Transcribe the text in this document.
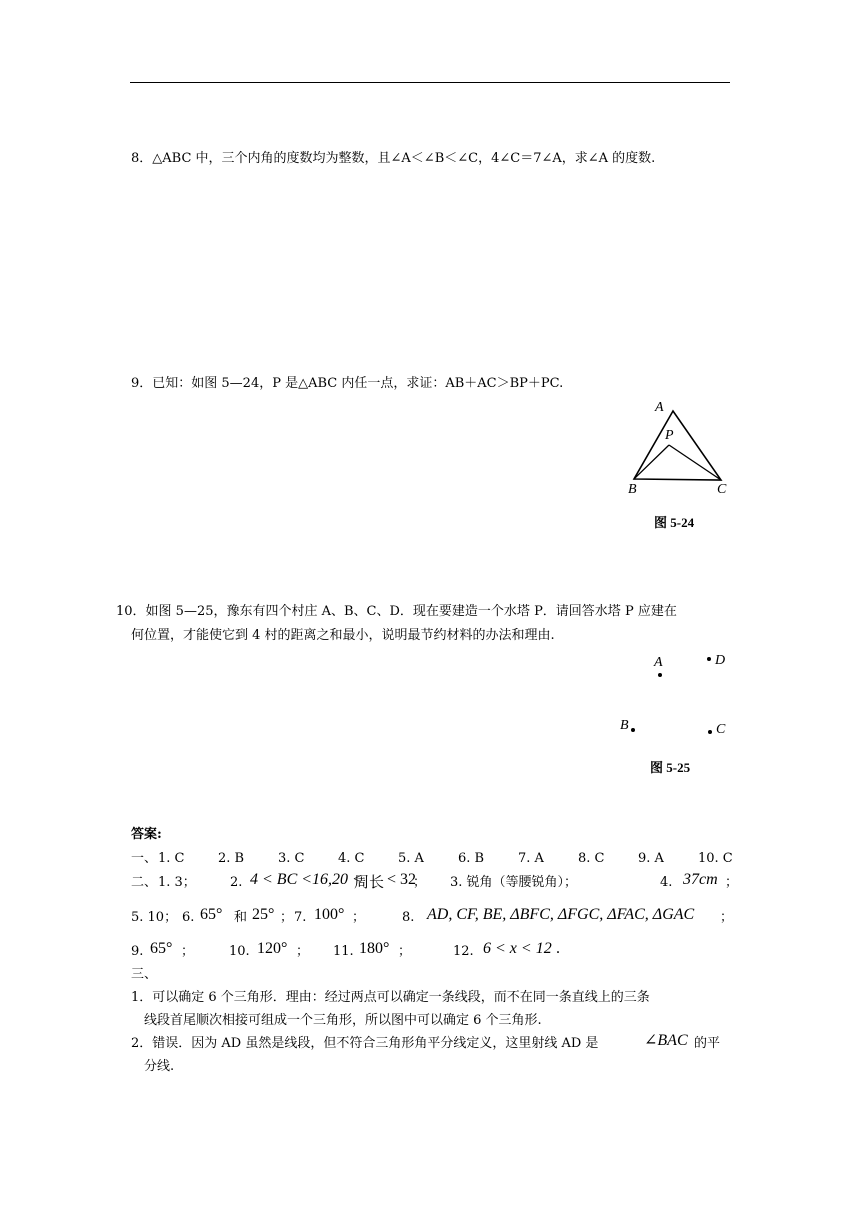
8．△ABC 中，三个内角的度数均为整数，且∠A＜∠B＜∠C，4∠C＝7∠A，求∠A 的度数.
9．已知：如图 5—24，P 是△ABC 内任一点，求证：AB＋AC＞BP＋PC.
A
P
B	C
图 5-24
10．如图 5—25，豫东有四个村庄 A、B、C、D．现在要建造一个水塔 P．请回答水塔 P 应建在
何位置，才能使它到 4 村的距离之和最小，说明最节约材料的办法和理由.
A	D
B	C
图 5-25
答案:
一、 1. C	2. B	3. C	4. C	5. A	6. B	7. A	8. C	9. A	10. C
二、 1. 3；	2. 4 < BC <16,20 <
周长 < 32
； 3. 锐角（等腰锐角）；	4. 37cm ；
5. 10； 6. 65° 和 25° ； 7. 100° ；	8. AD, CF, BE, ΔBFC, ΔFGC, ΔFAC, ΔGAC ；
9. 65° ；	10. 120° ； 11. 180° ；	12. 6 < x < 12 .
三、
1．可以确定 6 个三角形．理由：经过两点可以确定一条线段，而不在同一条直线上的三条
线段首尾顺次相接可组成一个三角形，所以图中可以确定 6 个三角形.
2．错误．因为 AD 虽然是线段，但不符合三角形角平分线定义，这里射线 AD 是	∠BAC 的平
分线.
